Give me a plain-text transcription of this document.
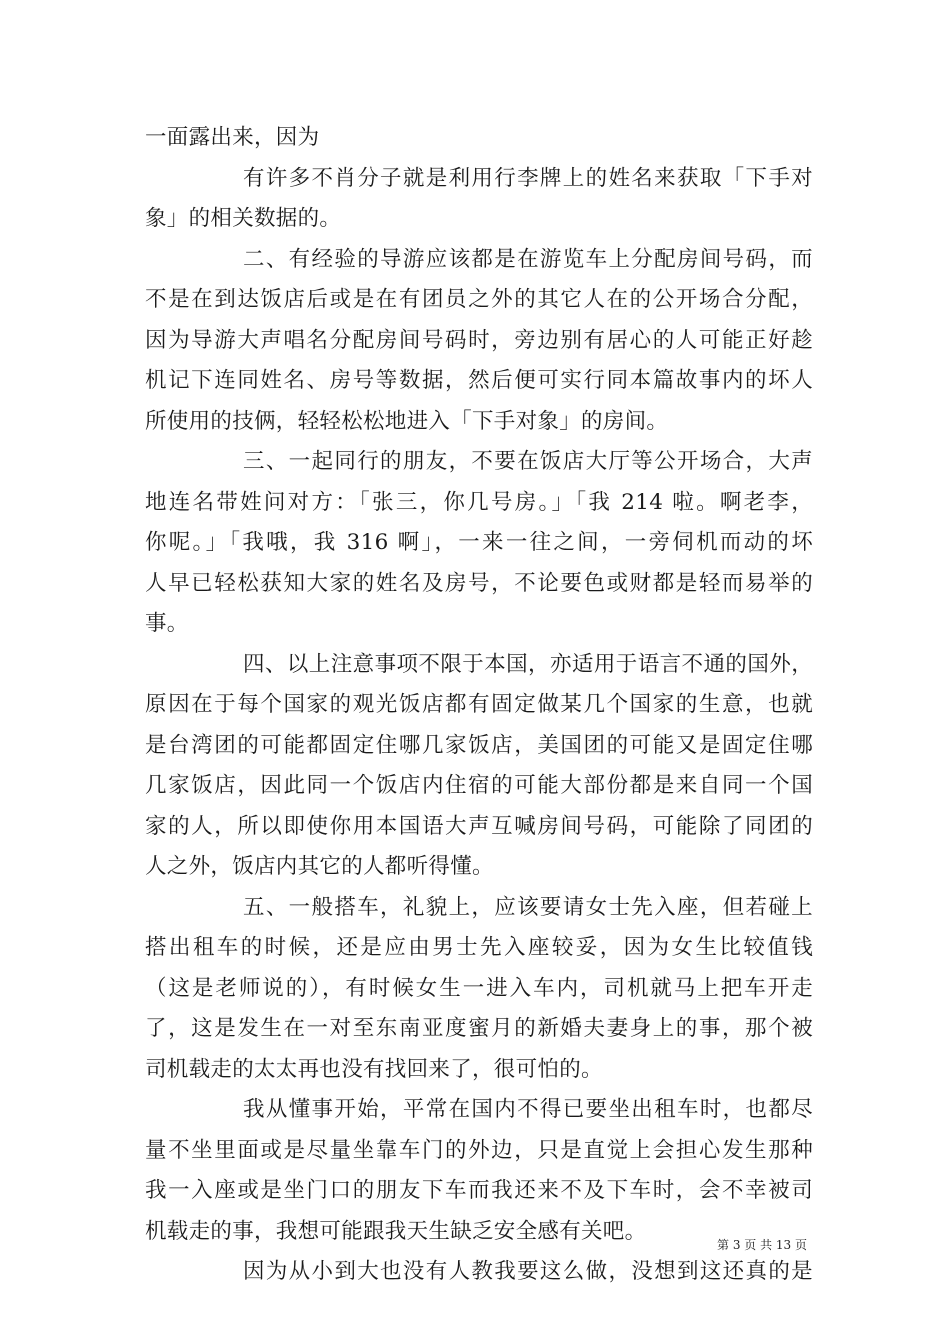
一面露出来，因为
有许多不肖分子就是利用行李牌上的姓名来获取「下手对
象」的相关数据的。
二、有经验的导游应该都是在游览车上分配房间号码，而
不是在到达饭店后或是在有团员之外的其它人在的公开场合分配，
因为导游大声唱名分配房间号码时，旁边别有居心的人可能正好趁
机记下连同姓名、房号等数据，然后便可实行同本篇故事内的坏人
所使用的技俩，轻轻松松地进入「下手对象」的房间。
三、一起同行的朋友，不要在饭店大厅等公开场合，大声
地连名带姓问对方：「张三，你几号房。」「我 214 啦。啊老李，
你呢。」「我哦，我 316 啊」，一来一往之间，一旁伺机而动的坏
人早已轻松获知大家的姓名及房号，不论要色或财都是轻而易举的
事。
四、以上注意事项不限于本国，亦适用于语言不通的国外，
原因在于每个国家的观光饭店都有固定做某几个国家的生意，也就
是台湾团的可能都固定住哪几家饭店，美国团的可能又是固定住哪
几家饭店，因此同一个饭店内住宿的可能大部份都是来自同一个国
家的人，所以即使你用本国语大声互喊房间号码，可能除了同团的
人之外，饭店内其它的人都听得懂。
五、一般搭车，礼貌上，应该要请女士先入座，但若碰上
搭出租车的时候，还是应由男士先入座较妥，因为女生比较值钱
（这是老师说的），有时候女生一进入车内，司机就马上把车开走
了，这是发生在一对至东南亚度蜜月的新婚夫妻身上的事，那个被
司机载走的太太再也没有找回来了，很可怕的。
我从懂事开始，平常在国内不得已要坐出租车时，也都尽
量不坐里面或是尽量坐靠车门的外边，只是直觉上会担心发生那种
我一入座或是坐门口的朋友下车而我还来不及下车时，会不幸被司
机载走的事，我想可能跟我天生缺乏安全感有关吧。
因为从小到大也没有人教我要这么做，没想到这还真的是
第 3 页 共 13 页
